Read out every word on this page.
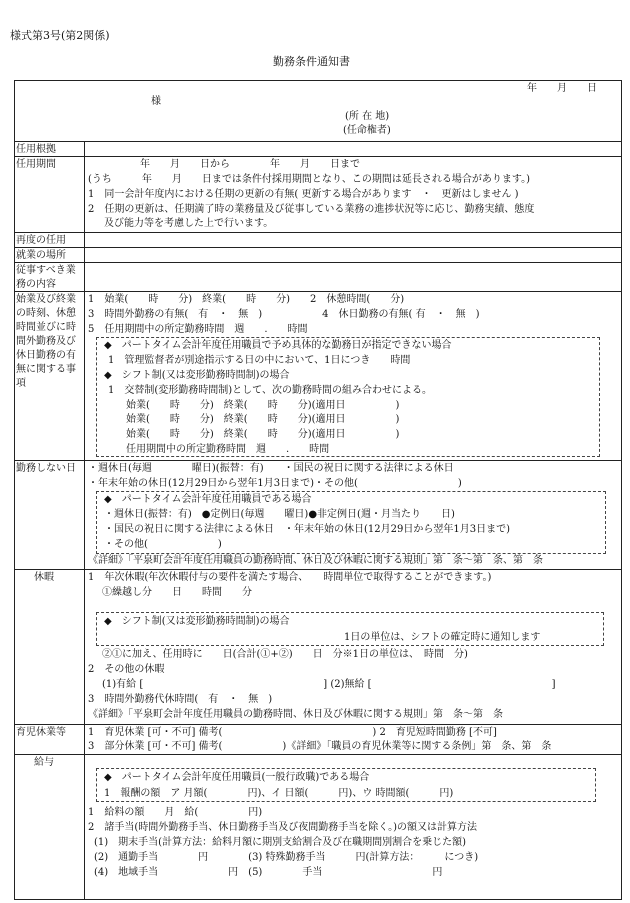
様式第3号(第2関係)
勤務条件通知書
年　　月　　日
様
(所 在 地)
(任命権者)
任用根拠
任用期間
再度の任用
就業の場所
従事すべき業務の内容
始業及び終業の時刻、休憩時間並びに時間外勤務及び休日勤務の有無に関する事項
勤務しない日
休暇
育児休業等
給与
年　　月　　日から　　　　年　　月　　日まで
(うち　　　年　　月　　日までは条件付採用期間となり、この期間は延長される場合があります。)
1　同一会計年度内における任期の更新の有無( 更新する場合があります　・　更新はしません )
2　任期の更新は、任期満了時の業務量及び従事している業務の進捗状況等に応じ、勤務実績、態度
及び能力等を考慮した上で行います。
1　始業(　　時　　分)　終業(　　時　　分)　　2　休憩時間(　　分)
3　時間外勤務の有無(　有　・　無　)　　　　　　4　休日勤務の有無( 有　・　無　)
5　任用期間中の所定勤務時間　週　　.　　時間
◆　パートタイム会計年度任用職員で予め具体的な勤務日が指定できない場合
1　管理監督者が別途指示する日の中において、1日につき　　時間
◆　シフト制(又は変形勤務時間制)の場合
1　交替制(変形勤務時間制)として、次の勤務時間の組み合わせによる。
始業(　　時　　分)　終業(　　時　　分)(適用日　　　　　)
始業(　　時　　分)　終業(　　時　　分)(適用日　　　　　)
始業(　　時　　分)　終業(　　時　　分)(適用日　　　　　)
任用期間中の所定勤務時間　週　　.　　時間
・週休日(毎週　　　　曜日)(振替：有)　　・国民の祝日に関する法律による休日
・年末年始の休日(12月29日から翌年1月3日まで)・その他(　　　　　　　　　　)
◆　パートタイム会計年度任用職員である場合
・週休日(振替：有)　●定例日(毎週　　曜日)●非定例日(週・月当たり　　日)
・国民の祝日に関する法律による休日　・年末年始の休日(12月29日から翌年1月3日まで)
・その他(　　　　　　　)
《詳細》「平泉町会計年度任用職員の勤務時間、休日及び休暇に関する規則」第　条〜第　条、第　条
1　年次休暇(年次休暇付与の要件を満たす場合、　　時間単位で取得することができます。)
①繰越し分　　日　　時間　　分
◆　シフト制(又は変形勤務時間制)の場合
1日の単位は、シフトの確定時に通知します
②①に加え、任用時に　　日(合計(①+②)　　日　分※1日の単位は、　時間　分)
2　その他の休暇
(1)有給 [　　　　　　　　　　　　　　　　　　] (2)無給 [　　　　　　　　　　　　　　　　　　]
3　時間外勤務代休時間(　有　・　無　)
《詳細》「平泉町会計年度任用職員の勤務時間、休日及び休暇に関する規則」第　条〜第　条
1　育児休業 [可・不可] 備考(　　　　　　　　　　　　　　　) 2　育児短時間勤務 [不可]
3　部分休業 [可・不可] 備考(　　　　　　)《詳細》「職員の育児休業等に関する条例」第　条、第　条
◆　パートタイム会計年度任用職員(一般行政職)である場合
1　報酬の額　ア 月額(　　　　円)、イ 日額(　　　円)、ウ 時間額(　　　円)
1　給料の額　　月　給(　　　　　円)
2　諸手当(時間外勤務手当、休日勤務手当及び夜間勤務手当を除く。)の額又は計算方法
(1)　期末手当(計算方法：給料月額に期別支給割合及び在職期間別割合を乗じた額)
(2)　通勤手当　　　　円　　　　(3) 特殊勤務手当　　　円(計算方法：　　　につき)
(4)　地域手当　　　　　　　円　(5)　　　　手当　　　　　　　　　　　円
